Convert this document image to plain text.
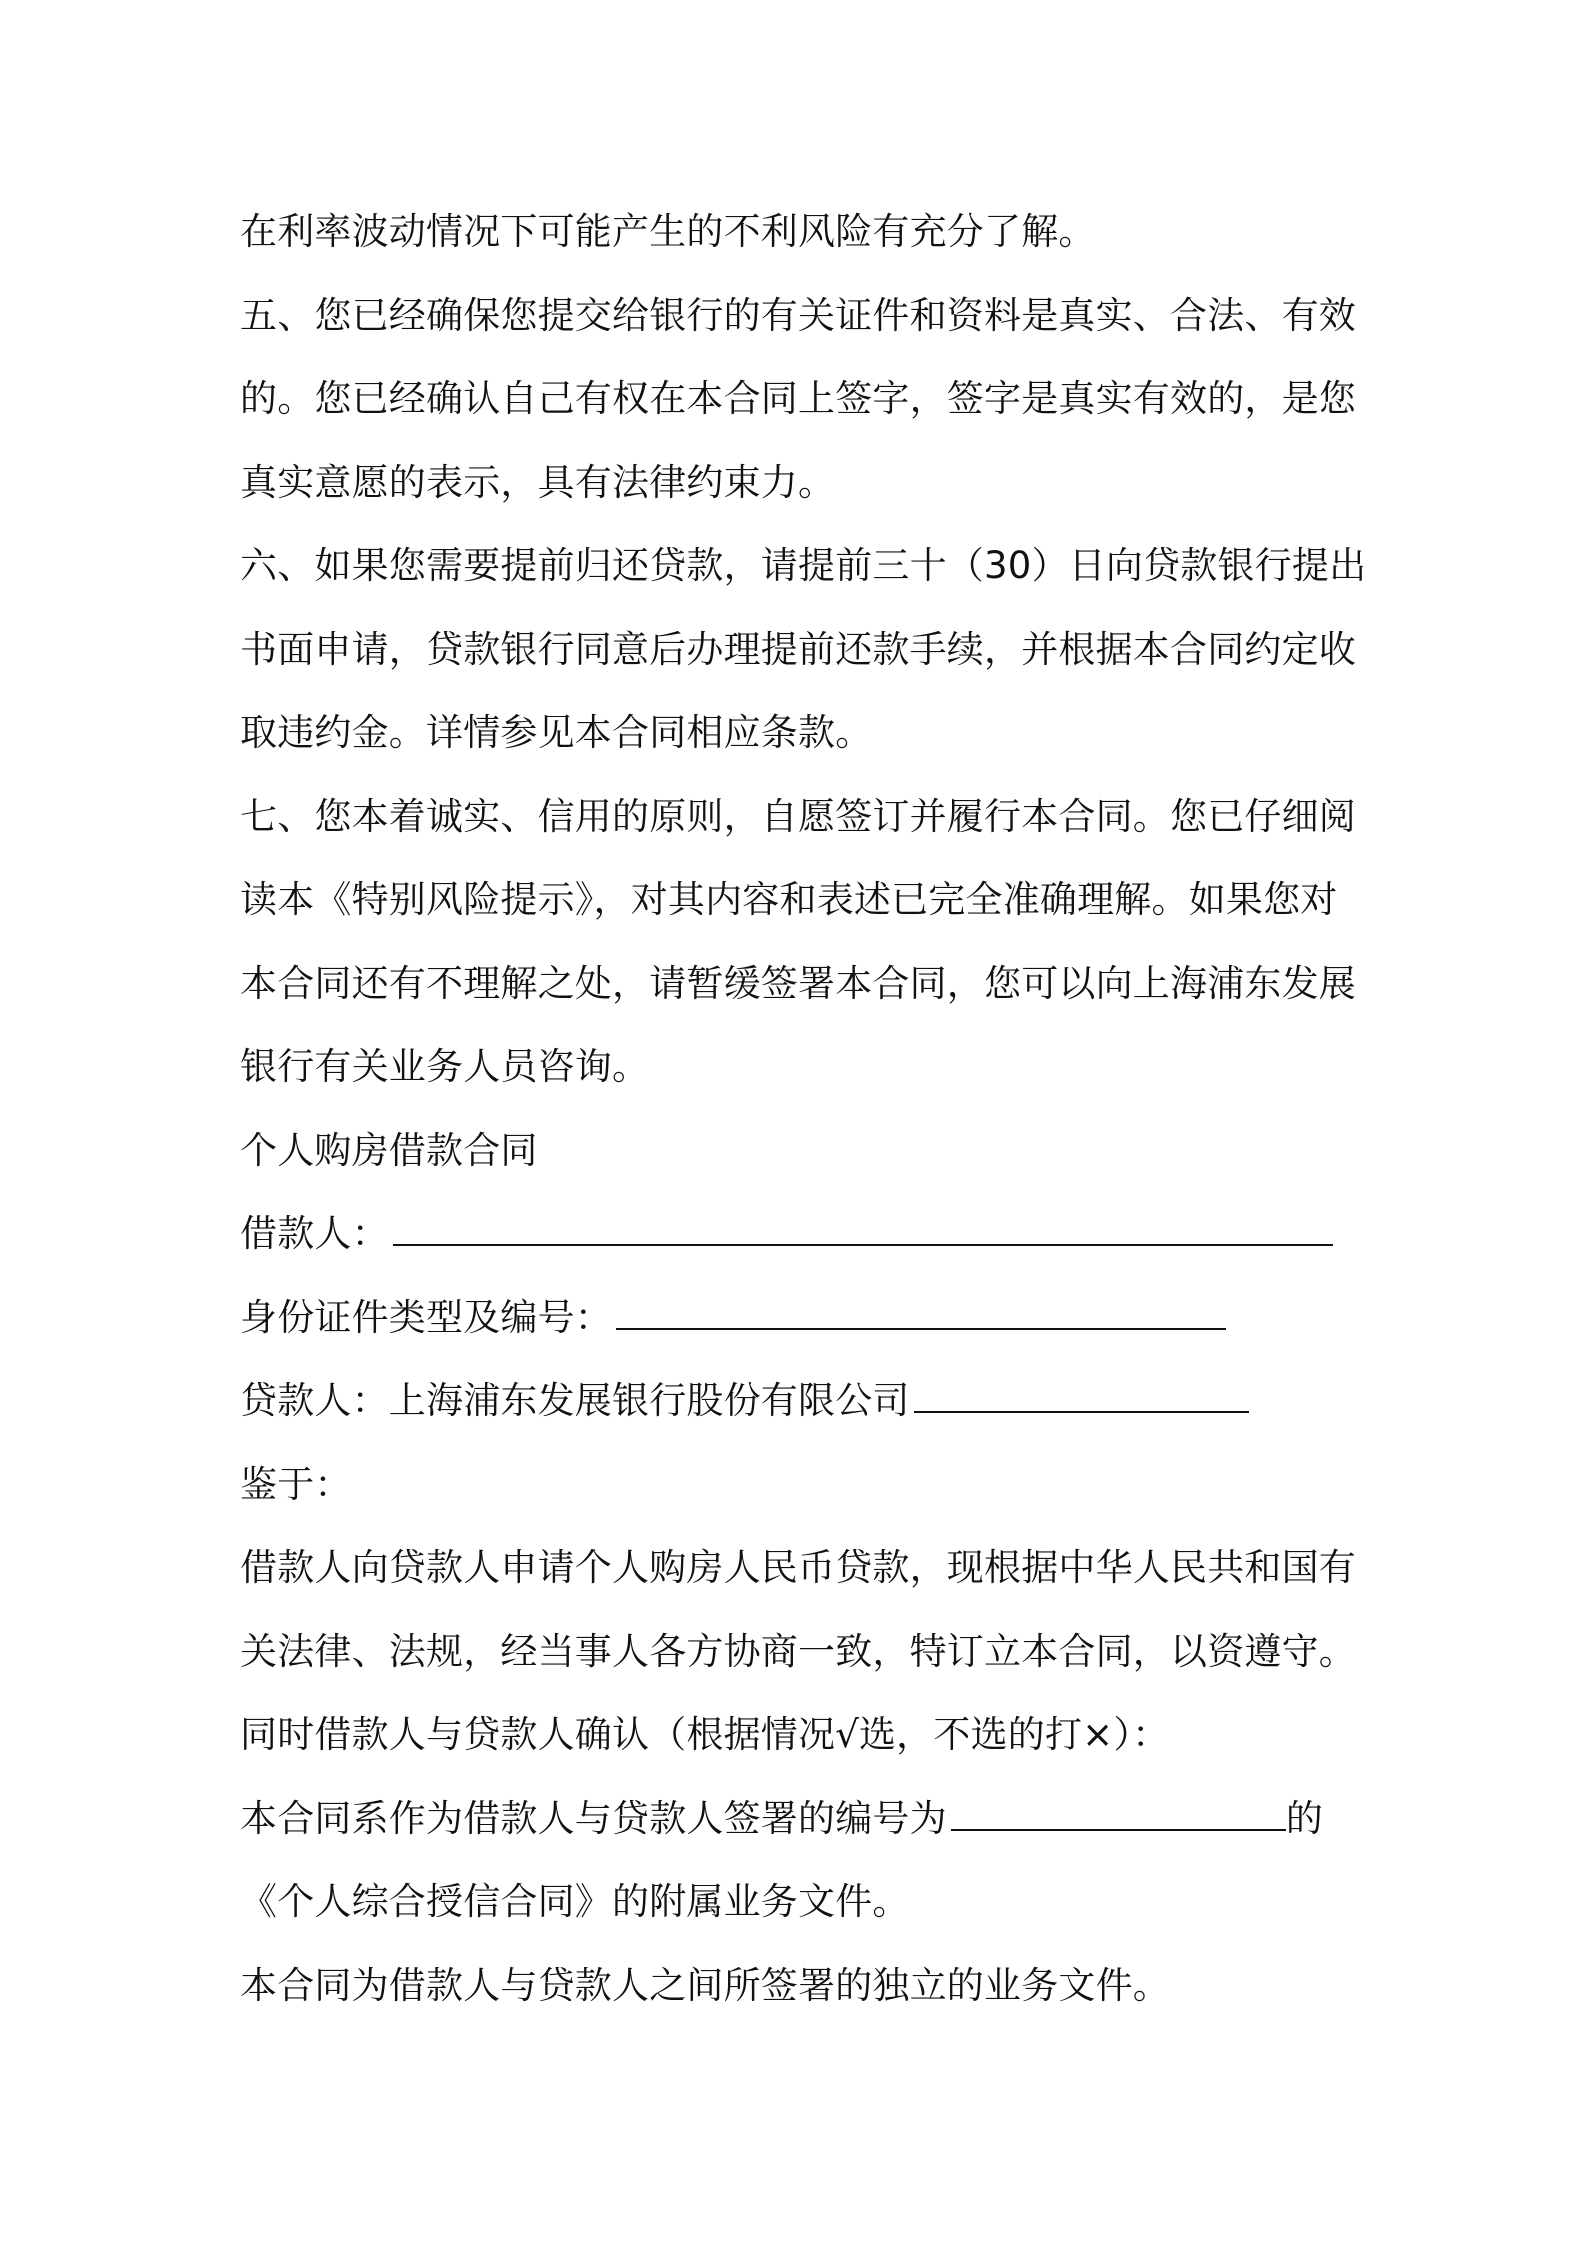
在利率波动情况下可能产生的不利风险有充分了解。
五、您已经确保您提交给银行的有关证件和资料是真实、合法、有效
的。您已经确认自己有权在本合同上签字，签字是真实有效的，是您
真实意愿的表示，具有法律约束力。
六、如果您需要提前归还贷款，请提前三十（30）日向贷款银行提出
书面申请，贷款银行同意后办理提前还款手续，并根据本合同约定收
取违约金。详情参见本合同相应条款。
七、您本着诚实、信用的原则，自愿签订并履行本合同。您已仔细阅
读本《特别风险提示》，对其内容和表述已完全准确理解。如果您对
本合同还有不理解之处，请暂缓签署本合同，您可以向上海浦东发展
银行有关业务人员咨询。
个人购房借款合同
借款人：
身份证件类型及编号：
贷款人：上海浦东发展银行股份有限公司
鉴于：
借款人向贷款人申请个人购房人民币贷款，现根据中华人民共和国有
关法律、法规，经当事人各方协商一致，特订立本合同，以资遵守。
同时借款人与贷款人确认（根据情况√选，不选的打×）：
本合同系作为借款人与贷款人签署的编号为	的
《个人综合授信合同》的附属业务文件。
本合同为借款人与贷款人之间所签署的独立的业务文件。
